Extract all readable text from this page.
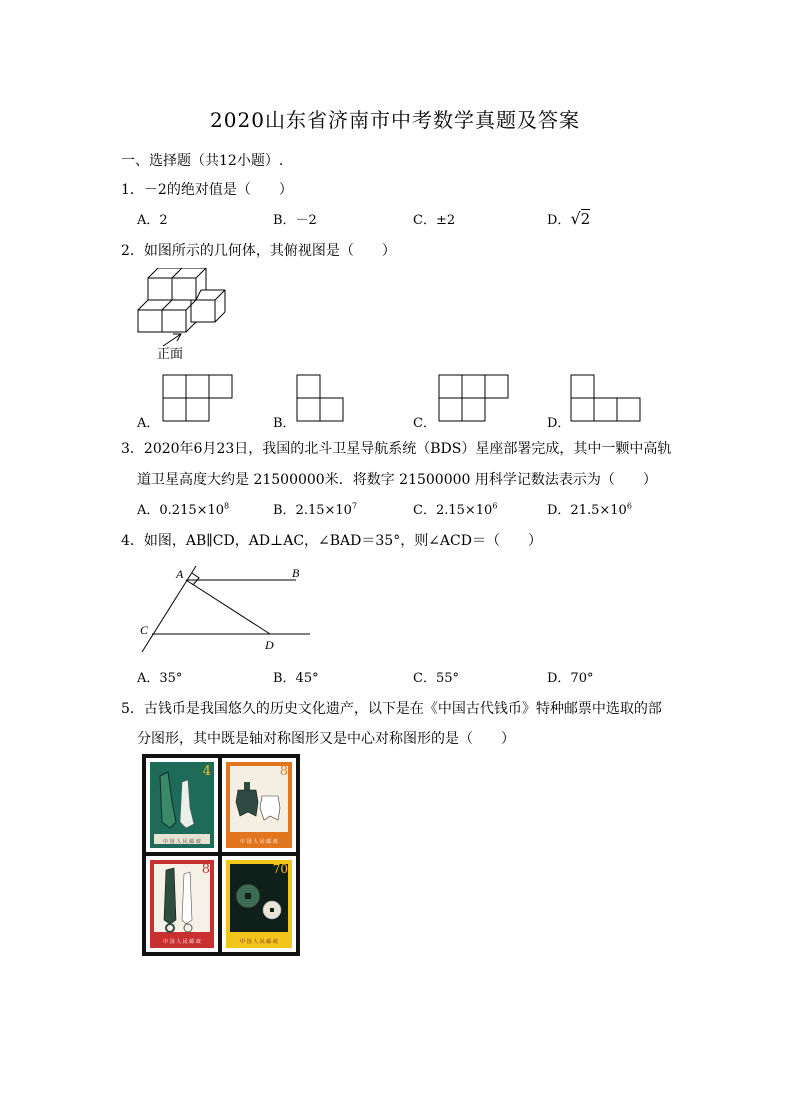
2020山东省济南市中考数学真题及答案
一、选择题（共12小题）.
1．－2的绝对值是（　　）
A．2	B．－2	C．±2	D．√2
2．如图所示的几何体，其俯视图是（　　）
正面
A．	B．	C．	D．
3．2020年6月23日，我国的北斗卫星导航系统（BDS）星座部署完成，其中一颗中高轨
道卫星高度大约是 21500000米．将数字 21500000 用科学记数法表示为（　　）
A．$0.215\times 10^8$	B．$2.15\times 10^7$	C．$2.15\times 10^6$	D．$21.5\times 10^6$
4．如图，AB∥CD，AD⊥AC，∠BAD＝35°，则∠ACD＝（　　）
A	B
C
D
A．35°	B．45°	C．55°	D．70°
5．古钱币是我国悠久的历史文化遗产，以下是在《中国古代钱币》特种邮票中选取的部
分图形，其中既是轴对称图形又是中心对称图形的是（　　）
4
中 国 人 民 邮 政
8
中 国 人 民 邮 政
8
中 国 人 民 邮 政
70
中 国 人 民 邮 政
